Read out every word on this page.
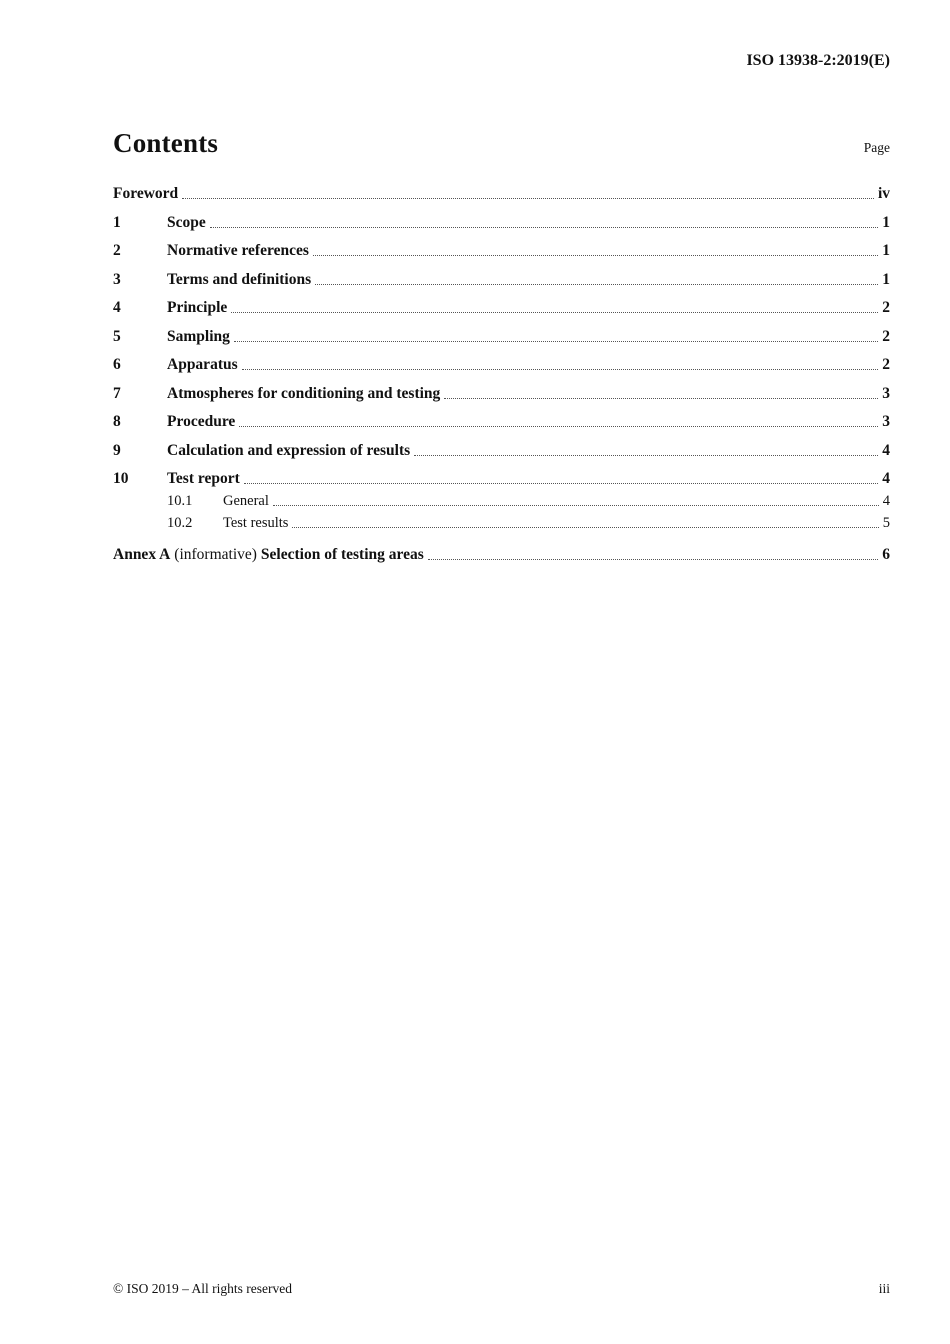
ISO 13938-2:2019(E)
Contents	Page
Foreword	iv
1	Scope	1
2	Normative references	1
3	Terms and definitions	1
4	Principle	2
5	Sampling	2
6	Apparatus	2
7	Atmospheres for conditioning and testing	3
8	Procedure	3
9	Calculation and expression of results	4
10	Test report	4
10.1	General	4
10.2	Test results	5
Annex A (informative) Selection of testing areas	6
© ISO 2019 – All rights reserved	iii
